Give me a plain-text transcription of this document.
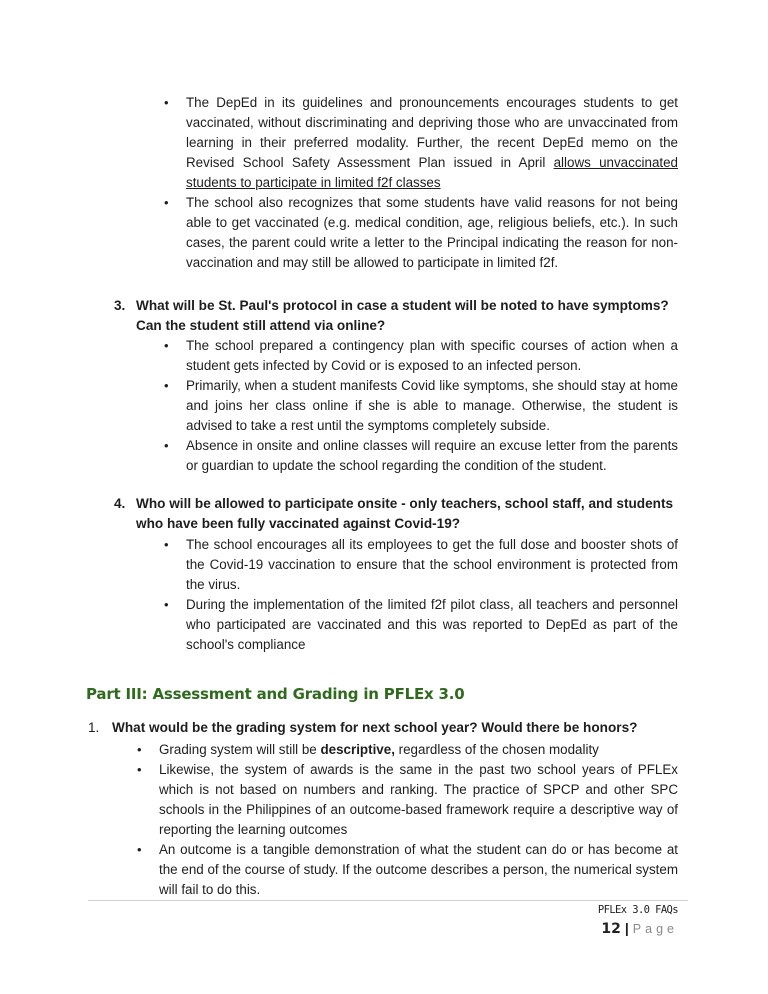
•	The DepEd in its guidelines and pronouncements encourages students to get vaccinated, without discriminating and depriving those who are unvaccinated from learning in their preferred modality. Further, the recent DepEd memo on the Revised School Safety Assessment Plan issued in April allows unvaccinated students to participate in limited f2f classes
•	The school also recognizes that some students have valid reasons for not being able to get vaccinated (e.g. medical condition, age, religious beliefs, etc.). In such cases, the parent could write a letter to the Principal indicating the reason for non-vaccination and may still be allowed to participate in limited f2f.
3. What will be St. Paul's protocol in case a student will be noted to have symptoms? Can the student still attend via online?
•	The school prepared a contingency plan with specific courses of action when a student gets infected by Covid or is exposed to an infected person.
•	Primarily, when a student manifests Covid like symptoms, she should stay at home and joins her class online if she is able to manage. Otherwise, the student is advised to take a rest until the symptoms completely subside.
•	Absence in onsite and online classes will require an excuse letter from the parents or guardian to update the school regarding the condition of the student.
4. Who will be allowed to participate onsite - only teachers, school staff, and students who have been fully vaccinated against Covid-19?
•	The school encourages all its employees to get the full dose and booster shots of the Covid-19 vaccination to ensure that the school environment is protected from the virus.
•	During the implementation of the limited f2f pilot class, all teachers and personnel who participated are vaccinated and this was reported to DepEd as part of the school's compliance
Part III: Assessment and Grading in PFLEx 3.0
1. What would be the grading system for next school year? Would there be honors?
•	Grading system will still be descriptive, regardless of the chosen modality
•	Likewise, the system of awards is the same in the past two school years of PFLEx which is not based on numbers and ranking. The practice of SPCP and other SPC schools in the Philippines of an outcome-based framework require a descriptive way of reporting the learning outcomes
•	An outcome is a tangible demonstration of what the student can do or has become at the end of the course of study. If the outcome describes a person, the numerical system will fail to do this.
PFLEx 3.0 FAQs
12 | Page
